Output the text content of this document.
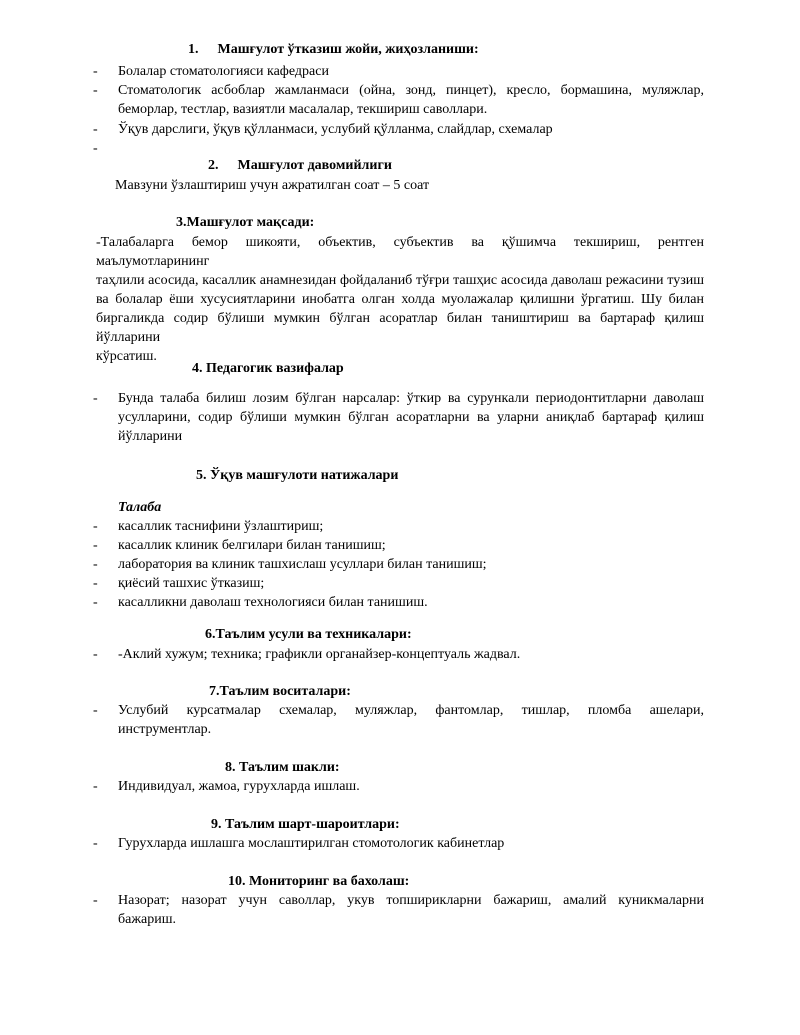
1. Машғулот ўтказиш жойи, жиҳозланиши:
- Болалар стоматологияси кафедраси
- Стоматологик асбоблар жамланмаси (ойна, зонд, пинцет), кресло, бормашина, муляжлар,
беморлар, тестлар, вазиятли масалалар, текшириш саволлари.
- Ўқув дарслиги, ўқув қўлланмаси, услубий қўлланма, слайдлар, схемалар
-
2. Машғулот давомийлиги
Мавзуни ўзлаштириш учун ажратилган соат – 5 соат
3.Машғулот мақсади:
-Талабаларга бемор шикояти, объектив, субъектив ва қўшимча текшириш, рентген маълумотларининг
таҳлили асосида, касаллик анамнезидан фойдаланиб тўғри ташҳис асосида даволаш режасини тузиш
ва болалар ёши хусусиятларини инобатга олган холда муолажалар қилишни ўргатиш. Шу билан
биргаликда содир бўлиши мумкин бўлган асоратлар билан таништириш ва бартараф қилиш йўлларини
кўрсатиш.
4. Педагогик вазифалар
- Бунда талаба билиш лозим бўлган нарсалар: ўткир ва сурункали периодонтитларни даволаш
усулларини, содир бўлиши мумкин бўлган асоратларни ва уларни аниқлаб бартараф қилиш
йўлларини
5. Ўқув машғулоти натижалари
Талаба
- касаллик таснифини ўзлаштириш;
- касаллик клиник белгилари билан танишиш;
- лаборатория ва клиник ташхислаш усуллари билан танишиш;
- қиёсий ташхис ўтказиш;
- касалликни даволаш технологияси билан танишиш.
6.Таълим усули ва техникалари:
- -Аклий хужум; техника; графикли органайзер-концептуаль жадвал.
7.Таълим воситалари:
- Услубий курсатмалар схемалар, муляжлар, фантомлар, тишлар, пломба ашелари,
инструментлар.
8. Таълим шакли:
- Индивидуал, жамоа, гурухларда ишлаш.
9. Таълим шарт-шароитлари:
- Гурухларда ишлашга мослаштирилган стомотологик кабинетлар
10. Мониторинг ва бахолаш:
- Назорат; назорат учун саволлар, укув топширикларни бажариш, амалий куникмаларни
бажариш.
